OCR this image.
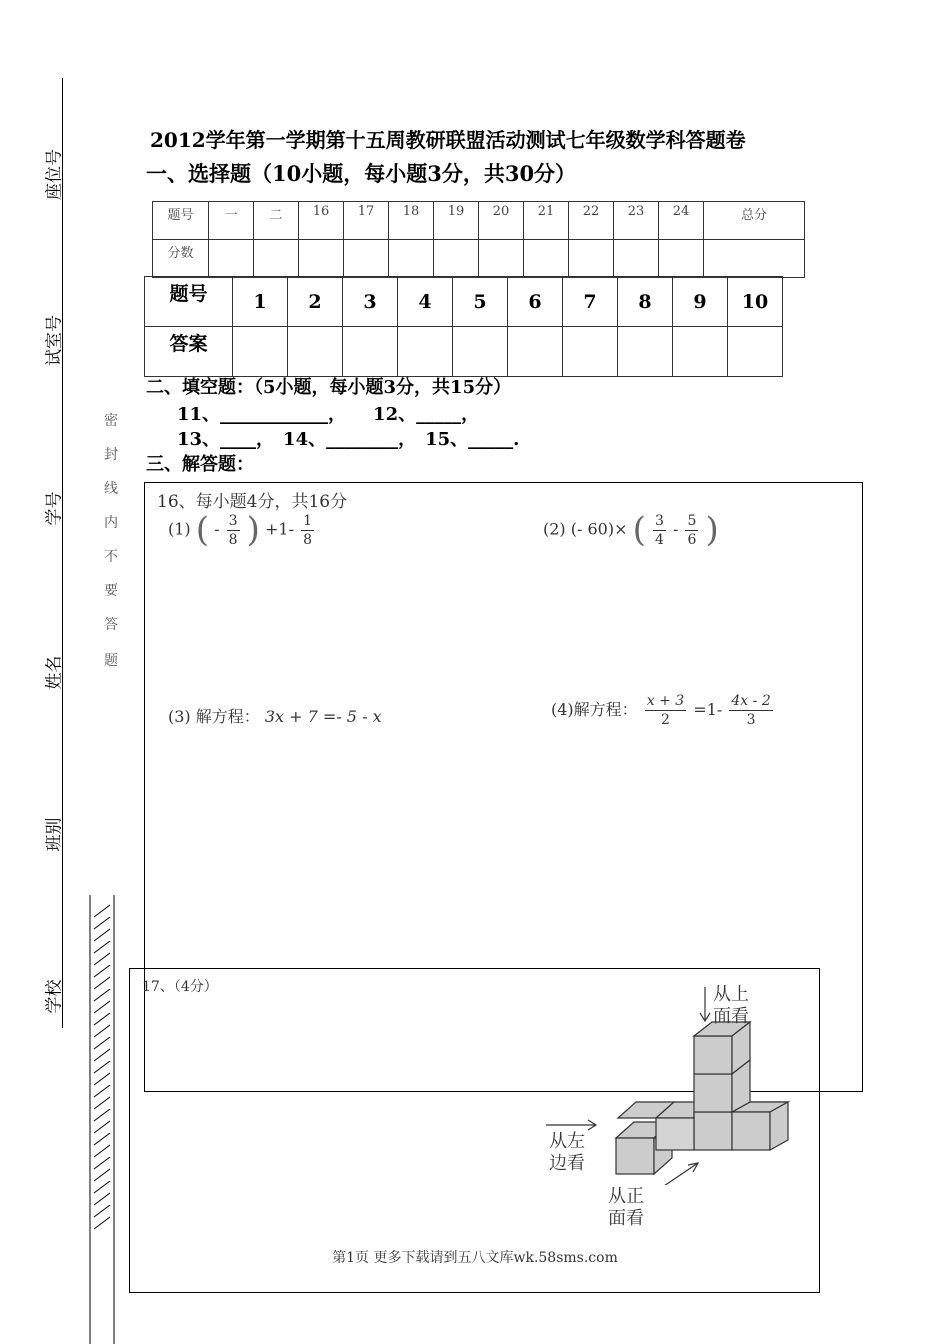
座位号
试室号
学号
姓名
班别
学校
密
封
线
内
不
要
答
题
2012学年第一学期第十五周教研联盟活动测试七年级数学科答题卷
一、选择题（10小题，每小题3分，共30分）
题号	一	二	16	17	18	19	20	21	22	23	24	总分
分数												
题号	1	2	3	4	5	6	7	8	9	10
答案										
二、填空题：（5小题，每小题3分，共15分）
11、____________，　　12、_____，
13、____，　14、________，　15、_____.
三、解答题：
16、每小题4分，共16分
(1) ( - $\frac{3}{8}$ ) $+1- \frac{1}{8}$	(2) (- 60)× ( $\frac{3}{4} - \frac{5}{6}$ )
(3) 解方程： 3x + 7 =- 5 - x	(4)解方程： $\frac{x + 3}{2} =1- \frac{4x - 2}{3}$
17、（4分）	从上
面看
从左
边看
从正
面看
第1页 更多下载请到五八文库wk.58sms.com
